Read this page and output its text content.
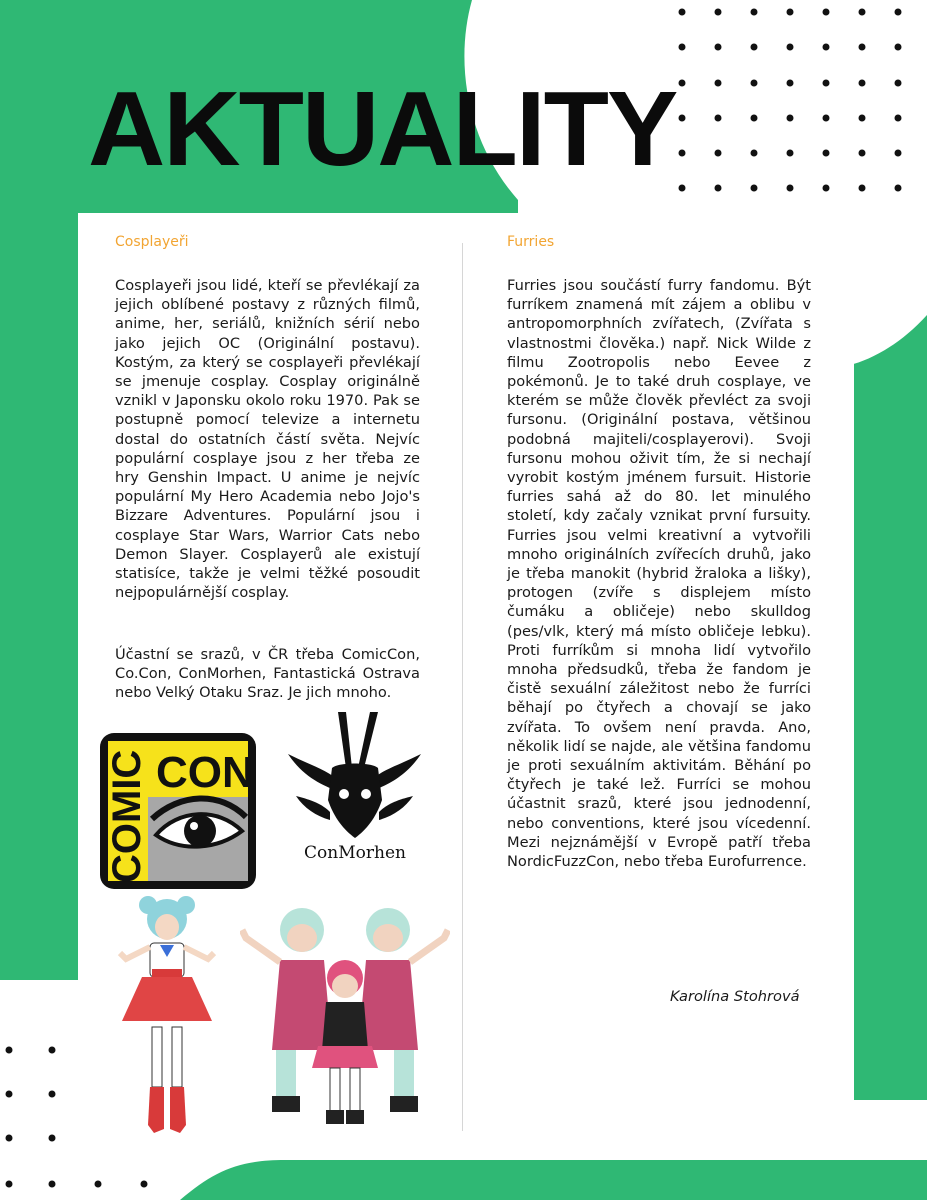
AKTUALITY
Cosplayeři

Cosplayeři jsou lidé, kteří se převlékají za jejich oblíbené postavy z různých filmů, anime, her, seriálů, knižních sérií nebo jako jejich OC (Originální postavu). Kostým, za který se cosplayeři převlékají se jmenuje cosplay. Cosplay originálně vznikl v Japonsku okolo roku 1970. Pak se postupně pomocí televize a internetu dostal do ostatních částí světa. Nejvíc populární cosplaye jsou z her třeba ze hry Genshin Impact. U anime je nejvíc populární My Hero Academia nebo Jojo's Bizzare Adventures. Populární jsou i cosplaye Star Wars, Warrior Cats nebo Demon Slayer. Cosplayerů ale existují statisíce, takže je velmi těžké posoudit nejpopulárnější cosplay.

Účastní se srazů, v ČR třeba ComicCon, Co.Con, ConMorhen, Fantastická Ostrava nebo Velký Otaku Sraz. Je jich mnoho.

Furries

Furries jsou součástí furry fandomu. Být furríkem znamená mít zájem a oblibu v antropomorphních zvířatech, (Zvířata s vlastnostmi člověka.) např. Nick Wilde z filmu Zootropolis nebo Eevee z pokémonů. Je to také druh cosplaye, ve kterém se může člověk převléct za svoji fursonu. (Originální postava, většinou podobná majiteli/cosplayerovi). Svoji fursonu mohou oživit tím, že si nechají vyrobit kostým jménem fursuit. Historie furries sahá až do 80. let minulého století, kdy začaly vznikat první fursuity. Furries jsou velmi kreativní a vytvořili mnoho originálních zvířecích druhů, jako je třeba manokit (hybrid žraloka a lišky), protogen (zvíře s displejem místo čumáku a obličeje) nebo skulldog (pes/vlk, který má místo obličeje lebku). Proti furríkům si mnoha lidí vytvořilo mnoha předsudků, třeba že fandom je čistě sexuální záležitost nebo že furríci běhají po čtyřech a chovají se jako zvířata. To ovšem není pravda. Ano, několik lidí se najde, ale většina fandomu je proti sexuálním aktivitám. Běhání po čtyřech je také lež. Furríci se mohou účastnit srazů, které jsou jednodenní, nebo conventions, které jsou vícedenní. Mezi nejznámější v Evropě patří třeba NordicFuzzCon, nebo třeba Eurofurrence.

Karolína Stohrová
COMIC CON
ConMorhen
